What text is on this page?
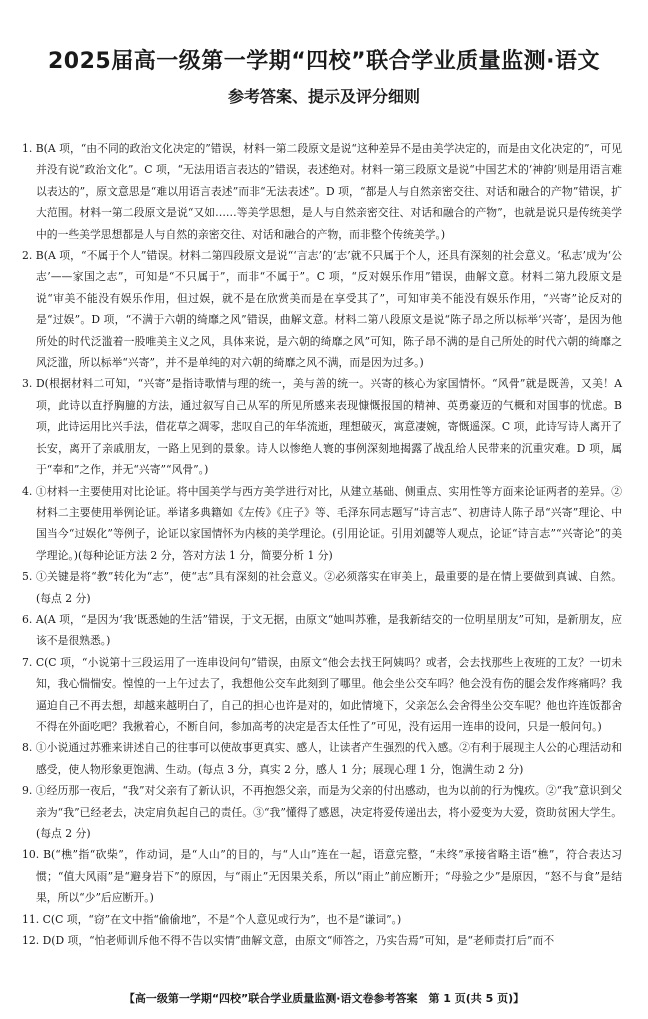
2025届高一级第一学期“四校”联合学业质量监测·语文
参考答案、提示及评分细则

1. B(A 项，“由不同的政治文化决定的”错误，材料一第二段原文是说“这种差异不是由美学决定的，而是由文化决定的”，可见并没有说“政治文化”。C 项，“无法用语言表达的”错误，表述绝对。材料一第三段原文是说“中国艺术的‘神韵’则是用语言难以表达的”，原文意思是“难以用语言表述”而非“无法表述”。D 项，“都是人与自然亲密交往、对话和融合的产物”错误，扩大范围。材料一第二段原文是说“又如……等美学思想，是人与自然亲密交往、对话和融合的产物”，也就是说只是传统美学中的一些美学思想都是人与自然的亲密交往、对话和融合的产物，而非整个传统美学。)

2. B(A 项，“不属于个人”错误。材料二第四段原文是说“‘言志’的‘志’就不只属于个人，还具有深刻的社会意义。‘私志’成为‘公志’——家国之志”，可知是“不只属于”，而非“不属于”。C 项，“反对娱乐作用”错误，曲解文意。材料二第九段原文是说“审美不能没有娱乐作用，但过娱，就不是在欣赏美而是在享受其了”，可知审美不能没有娱乐作用，“兴寄”论反对的是“过娱”。D 项，“不满于六朝的绮靡之风”错误，曲解文意。材料二第八段原文是说“陈子昂之所以标举‘兴寄’，是因为他所处的时代泛滥着一股唯美主义之风，具体来说，是六朝的绮靡之风”可知，陈子昂不满的是自己所处的时代六朝的绮靡之风泛滥，所以标举“兴寄”，并不是单纯的对六朝的绮靡之风不满，而是因为过多。)

3. D(根据材料二可知，“兴寄”是指诗歌情与理的统一，美与善的统一。兴寄的核心为家国情怀。“风骨”就是既善，又美！A 项，此诗以直抒胸臆的方法，通过叙写自己从军的所见所感来表现慷慨报国的精神、英勇豪迈的气概和对国事的忧虑。B 项，此诗运用比兴手法，借花草之凋零，悲叹自己的年华流逝，理想破灭，寓意凄婉，寄慨遥深。C 项，此诗写诗人离开了长安，离开了亲戚朋友，一路上见到的景象。诗人以惨绝人寰的事例深刻地揭露了战乱给人民带来的沉重灾难。D 项，属于“奉和”之作，并无“兴寄”“风骨”。)

4. ①材料一主要使用对比论证。将中国美学与西方美学进行对比，从建立基础、侧重点、实用性等方面来论证两者的差异。②材料二主要使用举例论证。举诸多典籍如《左传》《庄子》等、毛泽东同志题写“诗言志”、初唐诗人陈子昂“兴寄”理论、中国当今“过娱化”等例子，论证以家国情怀为内核的美学理论。(引用论证。引用刘勰等人观点，论证“诗言志”“兴寄论”的美学理论。)(每种论证方法 2 分，答对方法 1 分，简要分析 1 分)

5. ①关键是将“教”转化为“志”，使“志”具有深刻的社会意义。②必须落实在审美上，最重要的是在情上要做到真诚、自然。(每点 2 分)

6. A(A 项，“是因为‘我’既悉她的生活”错误，于文无据，由原文“她叫苏雅，是我新结交的一位明星朋友”可知，是新朋友，应该不是很熟悉。)

7. C(C 项，“小说第十三段运用了一连串设问句”错误，由原文“他会去找王阿姨吗？或者，会去找那些上夜班的工友？一切未知，我心惴惴安。惶惶的一上午过去了，我想他公交车此刻到了哪里。他会坐公交车吗？他会没有伤的腿会发作疼痛吗？我逼迫自己不再去想，却越来越明白了，自己的担心也许是对的，如此情境下，父亲怎么会舍得坐公交车呢？他也许连饭都舍不得在外面吃吧？我揪着心，不断自问，参加高考的决定是否太任性了”可见，没有运用一连串的设问，只是一般问句。)

8. ①小说通过苏雅来讲述自己的往事可以使故事更真实、感人，让读者产生强烈的代入感。②有利于展现主人公的心理活动和感受，使人物形象更饱满、生动。(每点 3 分，真实 2 分，感人 1 分；展现心理 1 分，饱满生动 2 分)

9. ①经历那一夜后，“我”对父亲有了新认识，不再抱怨父亲，而是为父亲的付出感动，也为以前的行为愧疚。②“我”意识到父亲为“我”已经老去，决定肩负起自己的责任。③“我”懂得了感恩，决定将爱传递出去，将小爱变为大爱，资助贫困大学生。(每点 2 分)

10. B(“樵”指“砍柴”，作动词，是“人山”的目的，与“人山”连在一起，语意完整，“未终”承接省略主语“樵”，符合表达习惯；“值大风雨”是“避身岩下”的原因，与“雨止”无因果关系，所以“雨止”前应断开；“母验之少”是原因，“怒不与食”是结果，所以“少”后应断开。)

11. C(C 项，“窃”在文中指“偷偷地”，不是“个人意见或行为”，也不是“谦词”。)

12. D(D 项，“怕老师训斥他不得不告以实情”曲解文意，由原文“师答之，乃实告焉”可知，是“老师责打后”而不

【高一级第一学期“四校”联合学业质量监测·语文卷参考答案　第 1 页(共 5 页)】
